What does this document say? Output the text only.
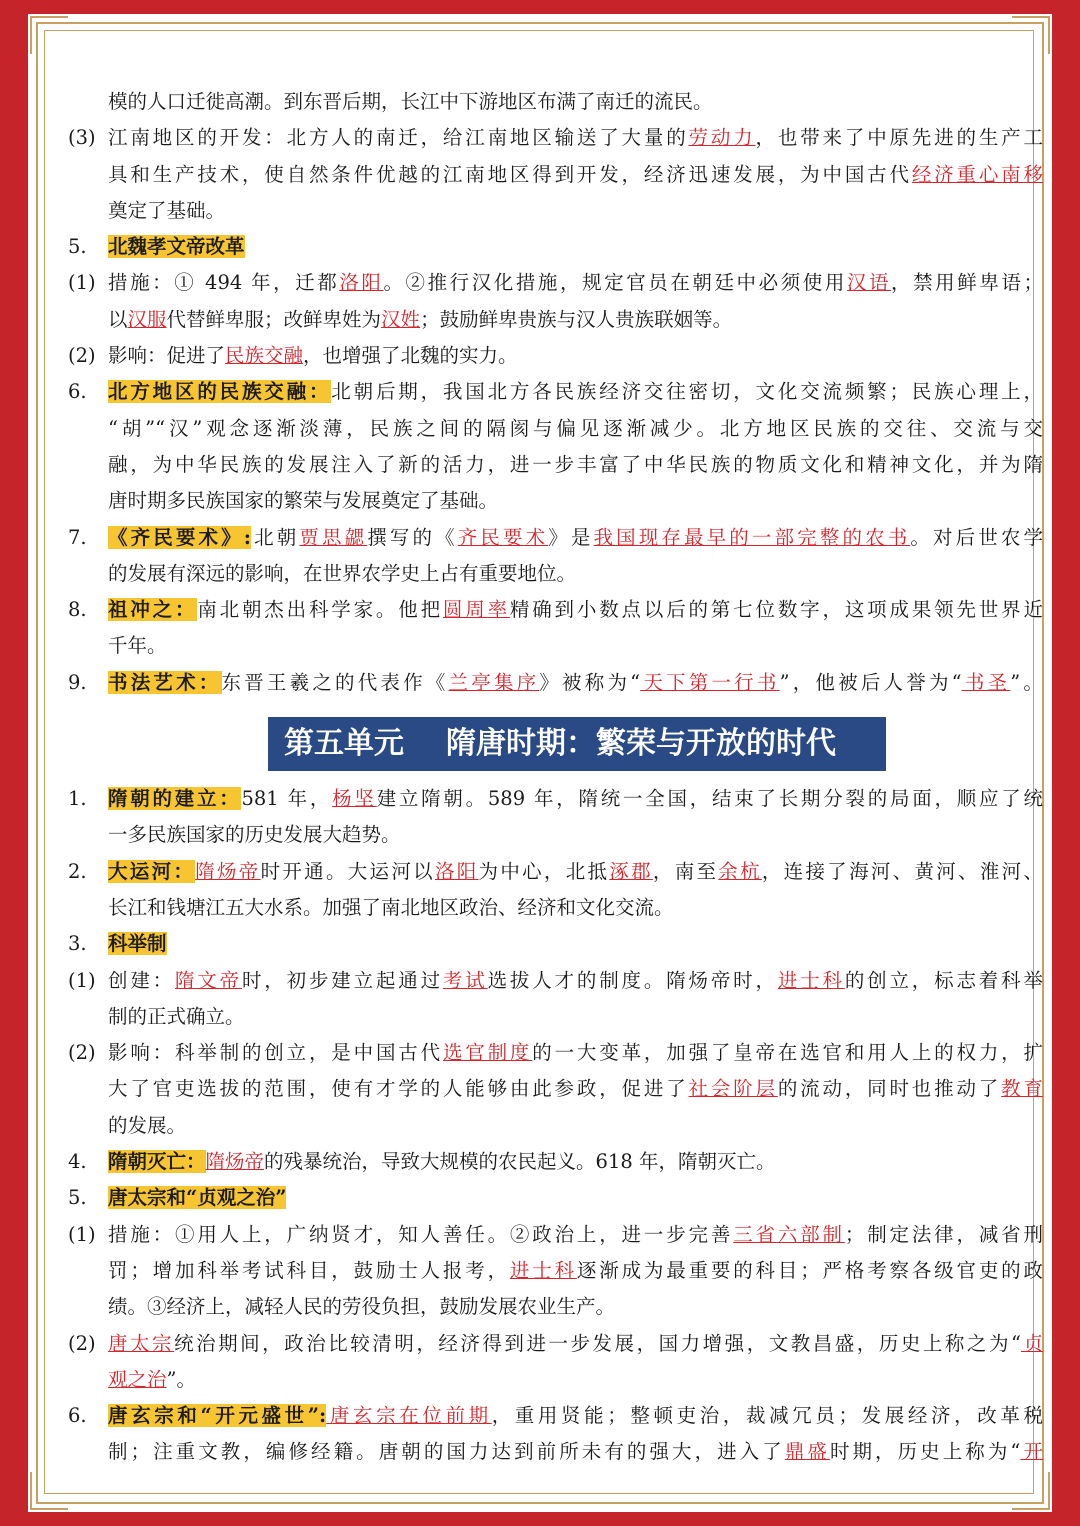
模的人口迁徙高潮。到东晋后期，长江中下游地区布满了南迁的流民。
(3) 江南地区的开发：北方人的南迁，给江南地区输送了大量的劳动力，也带来了中原先进的生产工
具和生产技术，使自然条件优越的江南地区得到开发，经济迅速发展，为中国古代经济重心南移
奠定了基础。
5. 北魏孝文帝改革
(1) 措施：① 494 年，迁都洛阳。②推行汉化措施，规定官员在朝廷中必须使用汉语，禁用鲜卑语；
以汉服代替鲜卑服；改鲜卑姓为汉姓；鼓励鲜卑贵族与汉人贵族联姻等。
(2) 影响：促进了民族交融，也增强了北魏的实力。
6. 北方地区的民族交融：北朝后期，我国北方各民族经济交往密切，文化交流频繁；民族心理上，
“胡”“汉”观念逐渐淡薄，民族之间的隔阂与偏见逐渐减少。北方地区民族的交往、交流与交
融，为中华民族的发展注入了新的活力，进一步丰富了中华民族的物质文化和精神文化，并为隋
唐时期多民族国家的繁荣与发展奠定了基础。
7. 《齐民要术》:北朝贾思勰撰写的《齐民要术》是我国现存最早的一部完整的农书。对后世农学
的发展有深远的影响，在世界农学史上占有重要地位。
8. 祖冲之：南北朝杰出科学家。他把圆周率精确到小数点以后的第七位数字，这项成果领先世界近
千年。
9. 书法艺术：东晋王羲之的代表作《兰亭集序》被称为“天下第一行书”，他被后人誉为“书圣”。
第五单元 隋唐时期：繁荣与开放的时代
1. 隋朝的建立：581 年，杨坚建立隋朝。589 年，隋统一全国，结束了长期分裂的局面，顺应了统
一多民族国家的历史发展大趋势。
2. 大运河：隋炀帝时开通。大运河以洛阳为中心，北抵涿郡，南至余杭，连接了海河、黄河、淮河、
长江和钱塘江五大水系。加强了南北地区政治、经济和文化交流。
3. 科举制
(1) 创建：隋文帝时，初步建立起通过考试选拔人才的制度。隋炀帝时，进士科的创立，标志着科举
制的正式确立。
(2) 影响：科举制的创立，是中国古代选官制度的一大变革，加强了皇帝在选官和用人上的权力，扩
大了官吏选拔的范围，使有才学的人能够由此参政，促进了社会阶层的流动，同时也推动了教育
的发展。
4. 隋朝灭亡：隋炀帝的残暴统治，导致大规模的农民起义。618 年，隋朝灭亡。
5. 唐太宗和“贞观之治”
(1) 措施：①用人上，广纳贤才，知人善任。②政治上，进一步完善三省六部制；制定法律，减省刑
罚；增加科举考试科目，鼓励士人报考，进士科逐渐成为最重要的科目；严格考察各级官吏的政
绩。③经济上，减轻人民的劳役负担，鼓励发展农业生产。
(2) 唐太宗统治期间，政治比较清明，经济得到进一步发展，国力增强，文教昌盛，历史上称之为“贞
观之治”。
6. 唐玄宗和“开元盛世”:唐玄宗在位前期，重用贤能；整顿吏治，裁减冗员；发展经济，改革税
制；注重文教，编修经籍。唐朝的国力达到前所未有的强大，进入了鼎盛时期，历史上称为“开
